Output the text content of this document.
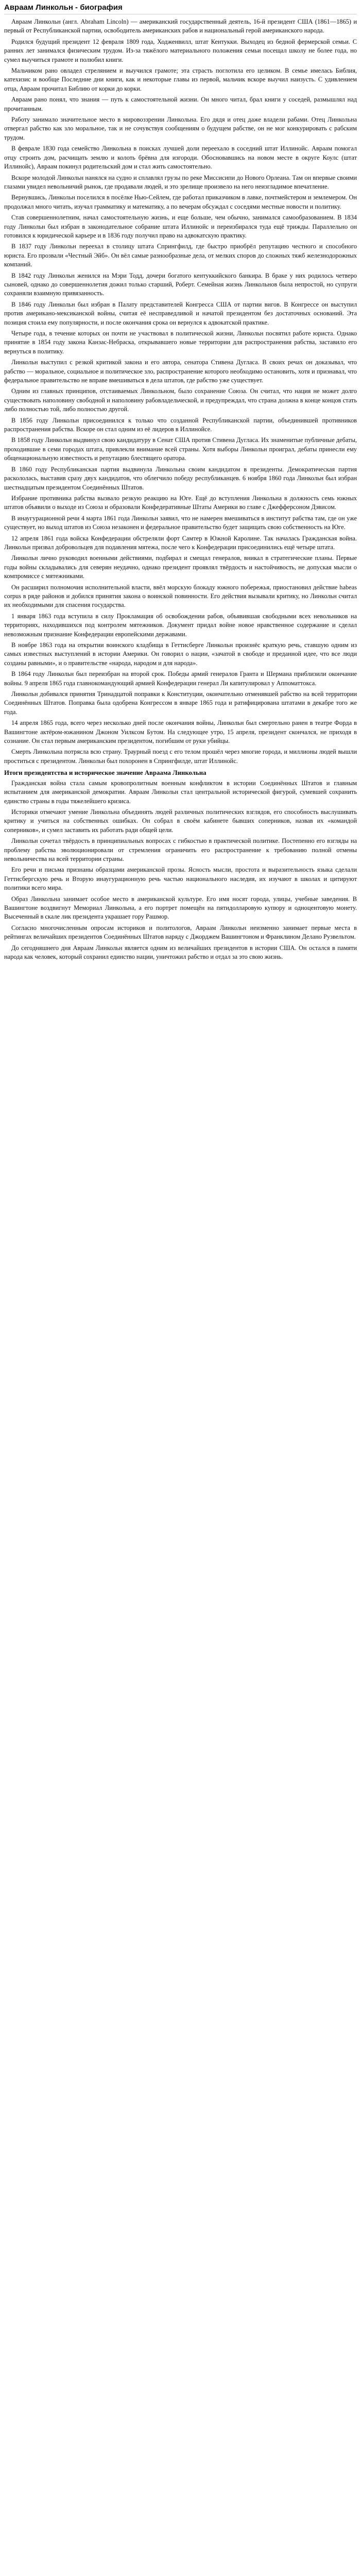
Авраам Линкольн - биография

Авраам Линкольн (англ. Abraham Lincoln) — американский государственный деятель, 16-й президент США (1861—1865) и первый от Республиканской партии, освободитель американских рабов и национальный герой американского народа.

Родился будущий президент 12 февраля 1809 года, Ходженвилл, штат Кентукки. Выходец из бедной фермерской семьи. С ранних лет занимался физическим трудом. Из-за тяжёлого материального положения семьи посещал школу не более года, но сумел выучиться грамоте и полюбил книги.

Мальчиком рано овладел стрелянием и выучился грамоте; эта страсть поглотила его целиком. В семье имелась Библия, катехизис и вообще Последние дни книги, как и некоторые главы из первой, мальчик вскоре выучил наизусть. С удивлением отца, Авраам прочитал Библию от корки до корки.

Авраам рано понял, что знания — путь к самостоятельной жизни. Он много читал, брал книги у соседей, размышлял над прочитанным.

Работу занимало значительное место в мировоззрении Линкольна. Его дядя и отец даже владели рабами. Отец Линкольна отвергал рабство как зло моральное, так и не сочувствуя сообщениям о будущем рабстве, он не мог конкурировать с рабским трудом.

В феврале 1830 года семейство Линкольна в поисках лучшей доли переехало в соседний штат Иллинойс. Авраам помогал отцу строить дом, расчищать землю и колоть брёвна для изгороди. Обосновавшись на новом месте в округе Коулс (штат Иллинойс), Авраам покинул родительский дом и стал жить самостоятельно.

Вскоре молодой Линкольн нанялся на судно и сплавлял грузы по реке Миссисипи до Нового Орлеана. Там он впервые своими глазами увидел невольничий рынок, где продавали людей, и это зрелище произвело на него неизгладимое впечатление.

Вернувшись, Линкольн поселился в посёлке Нью-Сейлем, где работал приказчиком в лавке, почтмейстером и землемером. Он продолжал много читать, изучал грамматику и математику, а по вечерам обсуждал с соседями местные новости и политику.

Став совершеннолетним, начал самостоятельную жизнь, и еще больше, чем обычно, занимался самообразованием. В 1834 году Линкольн был избран в законодательное собрание штата Иллинойс и переизбирался туда ещё трижды. Параллельно он готовился к юридической карьере и в 1836 году получил право на адвокатскую практику.

В 1837 году Линкольн переехал в столицу штата Спрингфилд, где быстро приобрёл репутацию честного и способного юриста. Его прозвали «Честный Эйб». Он вёл самые разнообразные дела, от мелких споров до сложных тяжб железнодорожных компаний.

В 1842 году Линкольн женился на Мэри Тодд, дочери богатого кентуккийского банкира. В браке у них родилось четверо сыновей, однако до совершеннолетия дожил только старший, Роберт. Семейная жизнь Линкольнов была непростой, но супруги сохраняли взаимную привязанность.

В 1846 году Линкольн был избран в Палату представителей Конгресса США от партии вигов. В Конгрессе он выступил против американо-мексиканской войны, считая её несправедливой и начатой президентом без достаточных оснований. Эта позиция стоила ему популярности, и после окончания срока он вернулся к адвокатской практике.

Четыре года, в течение которых он почти не участвовал в политической жизни, Линкольн посвятил работе юриста. Однако принятие в 1854 году закона Канзас-Небраска, открывавшего новые территории для распространения рабства, заставило его вернуться в политику.

Линкольн выступил с резкой критикой закона и его автора, сенатора Стивена Дугласа. В своих речах он доказывал, что рабство — моральное, социальное и политическое зло, распространение которого необходимо остановить, хотя и признавал, что федеральное правительство не вправе вмешиваться в дела штатов, где рабство уже существует.

Одним из главных принципов, отстаиваемых Линкольном, было сохранение Союза. Он считал, что нация не может долго существовать наполовину свободной и наполовину рабовладельческой, и предупреждал, что страна должна в конце концов стать либо полностью той, либо полностью другой.

В 1856 году Линкольн присоединился к только что созданной Республиканской партии, объединившей противников распространения рабства. Вскоре он стал одним из её лидеров в Иллинойсе.

В 1858 году Линкольн выдвинул свою кандидатуру в Сенат США против Стивена Дугласа. Их знаменитые публичные дебаты, проходившие в семи городах штата, привлекли внимание всей страны. Хотя выборы Линкольн проиграл, дебаты принесли ему общенациональную известность и репутацию блестящего оратора.

В 1860 году Республиканская партия выдвинула Линкольна своим кандидатом в президенты. Демократическая партия раскололась, выставив сразу двух кандидатов, что облегчило победу республиканцев. 6 ноября 1860 года Линкольн был избран шестнадцатым президентом Соединённых Штатов.

Избрание противника рабства вызвало резкую реакцию на Юге. Ещё до вступления Линкольна в должность семь южных штатов объявили о выходе из Союза и образовали Конфедеративные Штаты Америки во главе с Джефферсоном Дэвисом.

В инаугурационной речи 4 марта 1861 года Линкольн заявил, что не намерен вмешиваться в институт рабства там, где он уже существует, но выход штатов из Союза незаконен и федеральное правительство будет защищать свою собственность на Юге.

12 апреля 1861 года войска Конфедерации обстреляли форт Самтер в Южной Каролине. Так началась Гражданская война. Линкольн призвал добровольцев для подавления мятежа, после чего к Конфедерации присоединились ещё четыре штата.

Линкольн лично руководил военными действиями, подбирал и смещал генералов, вникал в стратегические планы. Первые годы войны складывались для северян неудачно, однако президент проявлял твёрдость и настойчивость, не допуская мысли о компромиссе с мятежниками.

Он расширил полномочия исполнительной власти, ввёл морскую блокаду южного побережья, приостановил действие habeas corpus в ряде районов и добился принятия закона о воинской повинности. Его действия вызывали критику, но Линкольн считал их необходимыми для спасения государства.

1 января 1863 года вступила в силу Прокламация об освобождении рабов, объявившая свободными всех невольников на территориях, находившихся под контролем мятежников. Документ придал войне новое нравственное содержание и сделал невозможным признание Конфедерации европейскими державами.

В ноябре 1863 года на открытии воинского кладбища в Геттисберге Линкольн произнёс краткую речь, ставшую одним из самых известных выступлений в истории Америки. Он говорил о нации, «зачатой в свободе и преданной идее, что все люди созданы равными», и о правительстве «народа, народом и для народа».

В 1864 году Линкольн был переизбран на второй срок. Победы армий генералов Гранта и Шермана приблизили окончание войны. 9 апреля 1865 года главнокомандующий армией Конфедерации генерал Ли капитулировал у Аппоматтокса.

Линкольн добивался принятия Тринадцатой поправки к Конституции, окончательно отменявшей рабство на всей территории Соединённых Штатов. Поправка была одобрена Конгрессом в январе 1865 года и ратифицирована штатами в декабре того же года.

14 апреля 1865 года, всего через несколько дней после окончания войны, Линкольн был смертельно ранен в театре Форда в Вашингтоне актёром-южанином Джоном Уилксом Бутом. На следующее утро, 15 апреля, президент скончался, не приходя в сознание. Он стал первым американским президентом, погибшим от руки убийцы.

Смерть Линкольна потрясла всю страну. Траурный поезд с его телом прошёл через многие города, и миллионы людей вышли проститься с президентом. Линкольн был похоронен в Спрингфилде, штат Иллинойс.

Итоги президентства и историческое значение Авраама Линкольна

Гражданская война стала самым кровопролитным военным конфликтом в истории Соединённых Штатов и главным испытанием для американской демократии. Авраам Линкольн стал центральной исторической фигурой, сумевшей сохранить единство страны в годы тяжелейшего кризиса.

Историки отмечают умение Линкольна объединять людей различных политических взглядов, его способность выслушивать критику и учиться на собственных ошибках. Он собрал в своём кабинете бывших соперников, назвав их «командой соперников», и сумел заставить их работать ради общей цели.

Линкольн сочетал твёрдость в принципиальных вопросах с гибкостью в практической политике. Постепенно его взгляды на проблему рабства эволюционировали от стремления ограничить его распространение к требованию полной отмены невольничества на всей территории страны.

Его речи и письма признаны образцами американской прозы. Ясность мысли, простота и выразительность языка сделали Геттисбергскую речь и Вторую инаугурационную речь частью национального наследия, их изучают в школах и цитируют политики всего мира.

Образ Линкольна занимает особое место в американской культуре. Его имя носят города, улицы, учебные заведения. В Вашингтоне воздвигнут Мемориал Линкольна, а его портрет помещён на пятидолларовую купюру и одноцентовую монету. Высеченный в скале лик президента украшает гору Рашмор.

Согласно многочисленным опросам историков и политологов, Авраам Линкольн неизменно занимает первые места в рейтингах величайших президентов Соединённых Штатов наряду с Джорджем Вашингтоном и Франклином Делано Рузвельтом.

До сегодняшнего дня Авраам Линкольн является одним из величайших президентов в истории США. Он остался в памяти народа как человек, который сохранил единство нации, уничтожил рабство и отдал за это свою жизнь.
